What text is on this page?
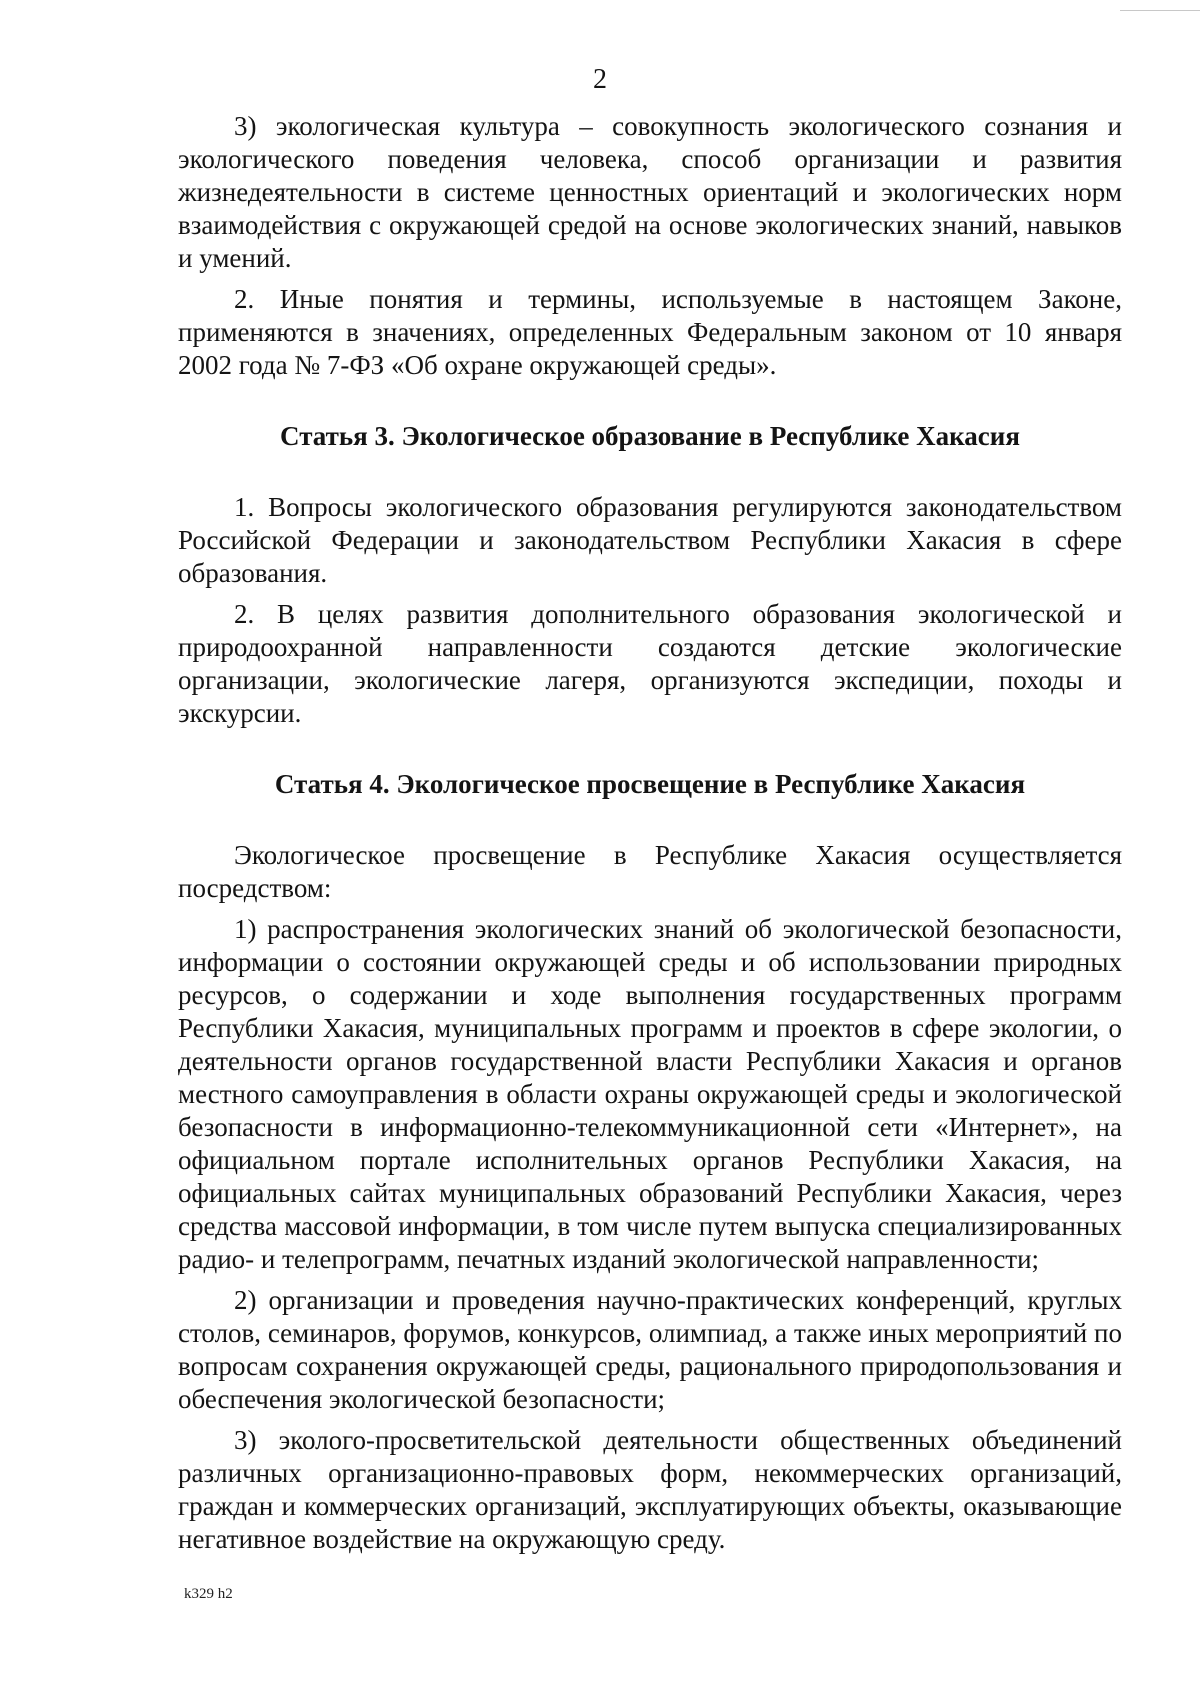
2

3) экологическая культура – совокупность экологического сознания и экологического поведения человека, способ организации и развития жизнедеятельности в системе ценностных ориентаций и экологических норм взаимодействия с окружающей средой на основе экологических знаний, навыков и умений.

2. Иные понятия и термины, используемые в настоящем Законе, применяются в значениях, определенных Федеральным законом от 10 января 2002 года № 7-ФЗ «Об охране окружающей среды».

Статья 3. Экологическое образование в Республике Хакасия

1. Вопросы экологического образования регулируются законодательством Российской Федерации и законодательством Республики Хакасия в сфере образования.

2. В целях развития дополнительного образования экологической и природоохранной направленности создаются детские экологические организации, экологические лагеря, организуются экспедиции, походы и экскурсии.

Статья 4. Экологическое просвещение в Республике Хакасия

Экологическое просвещение в Республике Хакасия осуществляется посредством:

1) распространения экологических знаний об экологической безопасности, информации о состоянии окружающей среды и об использовании природных ресурсов, о содержании и ходе выполнения государственных программ Республики Хакасия, муниципальных программ и проектов в сфере экологии, о деятельности органов государственной власти Республики Хакасия и органов местного самоуправления в области охраны окружающей среды и экологической безопасности в информационно-телекоммуникационной сети «Интернет», на официальном портале исполнительных органов Республики Хакасия, на официальных сайтах муниципальных образований Республики Хакасия, через средства массовой информации, в том числе путем выпуска специализированных радио- и телепрограмм, печатных изданий экологической направленности;

2) организации и проведения научно-практических конференций, круглых столов, семинаров, форумов, конкурсов, олимпиад, а также иных мероприятий по вопросам сохранения окружающей среды, рационального природопользования и обеспечения экологической безопасности;

3) эколого-просветительской деятельности общественных объединений различных организационно-правовых форм, некоммерческих организаций, граждан и коммерческих организаций, эксплуатирующих объекты, оказывающие негативное воздействие на окружающую среду.

k329 h2
